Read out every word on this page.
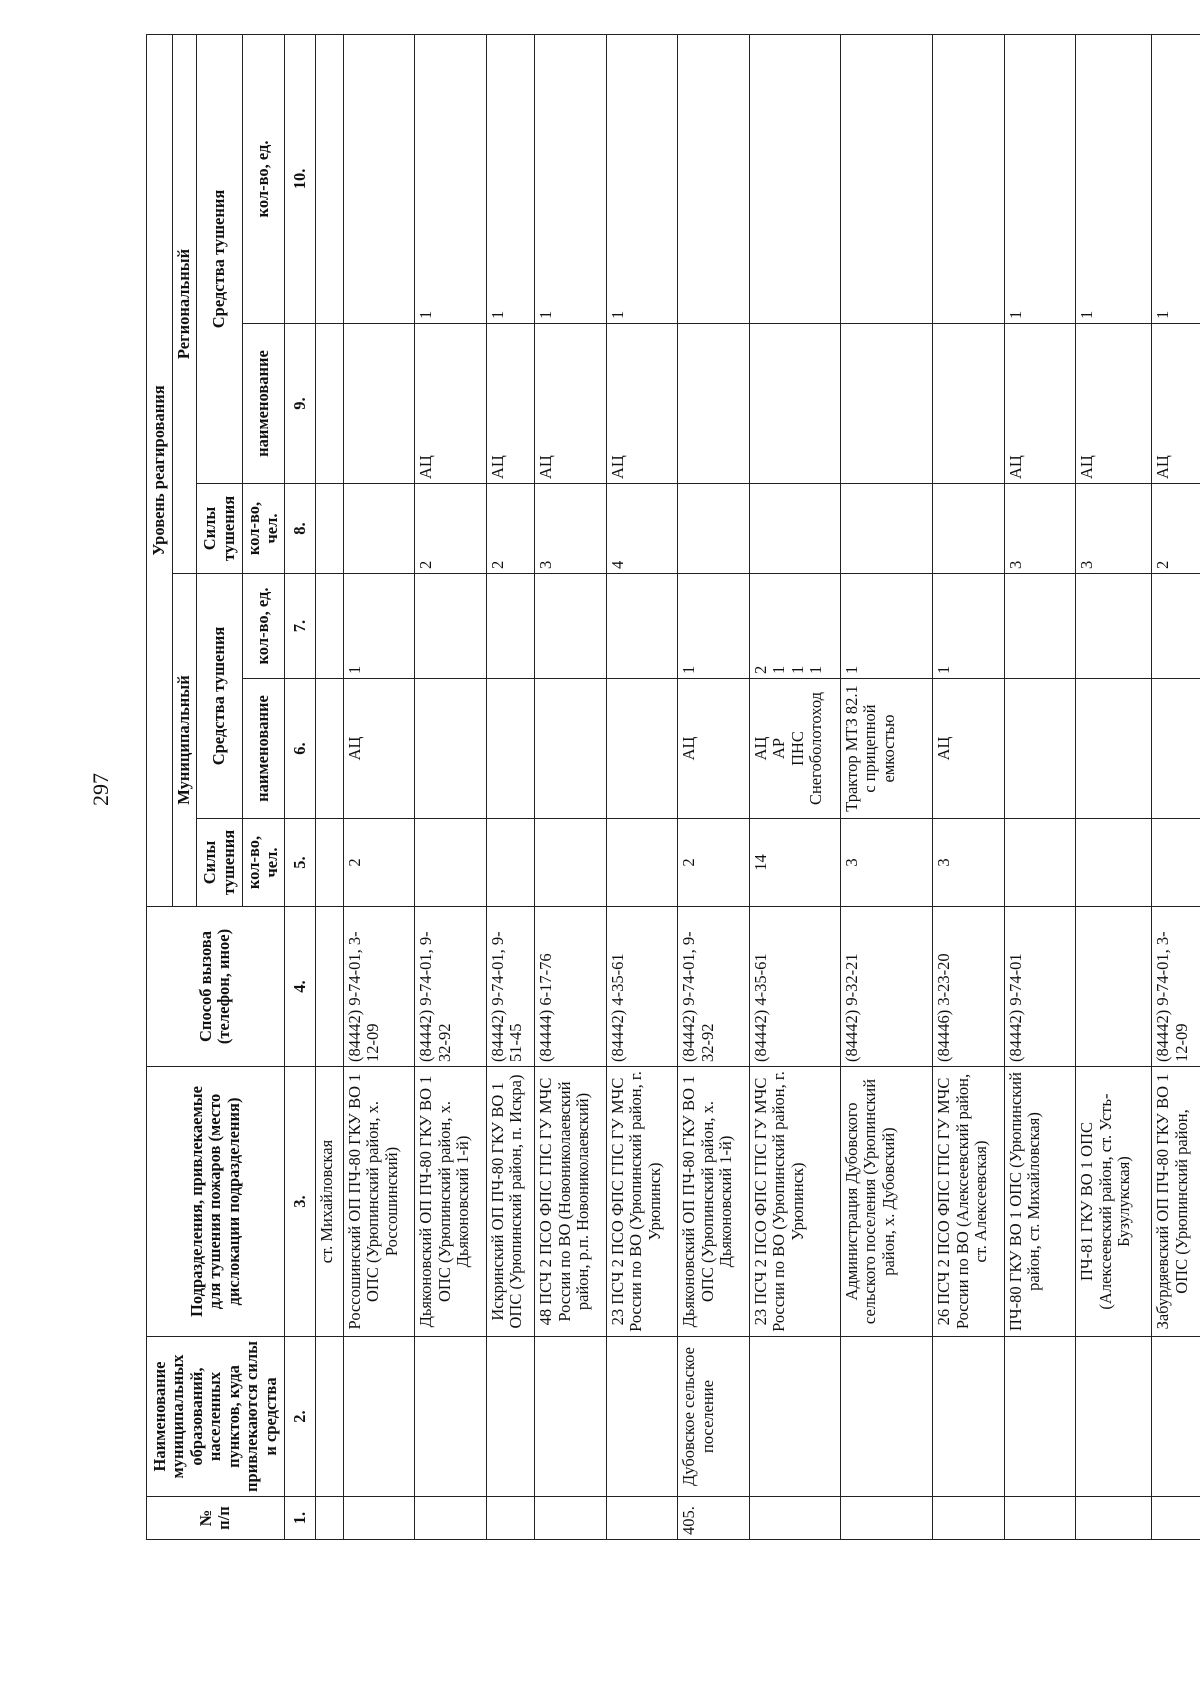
297
№ п/п	Наименование муниципальных образований, населенных пунктов, куда привлекаются силы и средства	Подразделения, привлекаемые для тушения пожаров (место дислокации подразделения)	Способ вызова (телефон, иное)	Уровень реагирования					
				Муниципальный			Региональный		
				Силы тушения	Средства тушения		Силы тушения	Средства тушения	
				кол-во, чел.	наименование	кол-во, ед.	кол-во, чел.	наименование	кол-во, ед.
1.	2.	3.	4.	5.	6.	7.	8.	9.	10.
		ст. Михайловская							
		Россошинский ОП ПЧ-80 ГКУ ВО 1 ОПС (Урюпинский район, х. Россошинский)	(84442) 9-74-01, 3-12-09	2	АЦ	1			
		Дьяконовский ОП ПЧ-80 ГКУ ВО 1 ОПС (Урюпинский район, х. Дьяконовский 1-й)	(84442) 9-74-01, 9-32-92				2	АЦ	1
		Искринский ОП ПЧ-80 ГКУ ВО 1 ОПС (Урюпинский район, п. Искра)	(84442) 9-74-01, 9-51-45				2	АЦ	1
		48 ПСЧ 2 ПСО ФПС ГПС ГУ МЧС России по ВО (Новониколаевский район, р.п. Новониколаевский)	(84444) 6-17-76				3	АЦ	1
		23 ПСЧ 2 ПСО ФПС ГПС ГУ МЧС России по ВО (Урюпинский район, г. Урюпинск)	(84442) 4-35-61				4	АЦ	1
405.	Дубовское сельское поселение	Дьяконовский ОП ПЧ-80 ГКУ ВО 1 ОПС (Урюпинский район, х. Дьяконовский 1-й)	(84442) 9-74-01, 9-32-92	2	АЦ	1			
		23 ПСЧ 2 ПСО ФПС ГПС ГУ МЧС России по ВО (Урюпинский район, г. Урюпинск)	(84442) 4-35-61	14	АЦ АР ПНС Снегоболотоход	2 1 1 1			

		Администрация Дубовского сельского поселения (Урюпинский район, х. Дубовский)	(84442) 9-32-21	3	Трактор МТЗ 82.1 с прицепной емкостью	1			
		26 ПСЧ 2 ПСО ФПС ГПС ГУ МЧС России по ВО (Алексеевский район, ст. Алексеевская)	(84446) 3-23-20	3	АЦ	1			
		ПЧ-80 ГКУ ВО 1 ОПС (Урюпинский район, ст. Михайловская)	(84442) 9-74-01				3	АЦ	1
		ПЧ-81 ГКУ ВО 1 ОПС (Алексеевский район, ст. Усть-Бузулукская)					3	АЦ	1
		Забурдяевский ОП ПЧ-80 ГКУ ВО 1 ОПС (Урюпинский район,	(84442) 9-74-01, 3-12-09				2	АЦ	1
